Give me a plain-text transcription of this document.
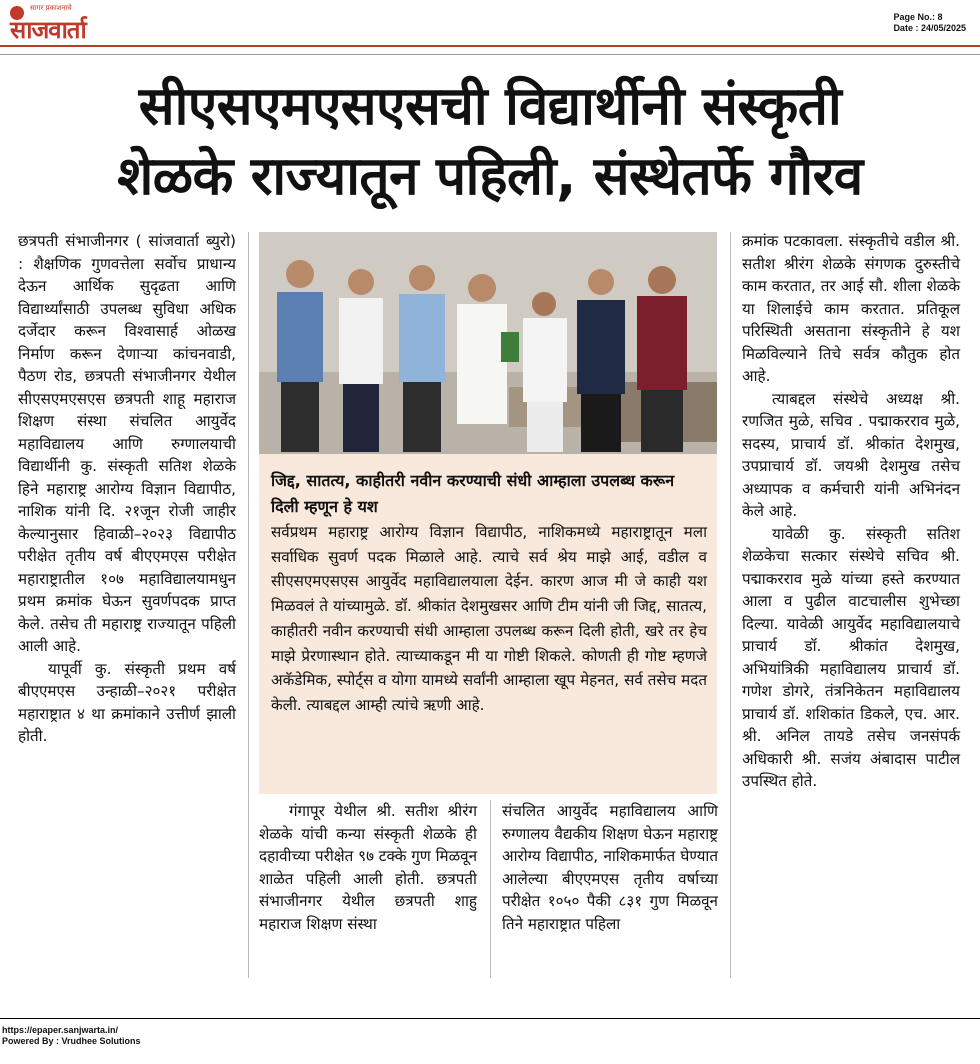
सागर प्रकाशनाचे
साजवार्ता	Page No.: 8
Date : 24/05/2025
सीएसएमएसएसची विद्यार्थीनी संस्कृती
शेळके राज्यातून पहिली, संस्थेतर्फे गौरव

छत्रपती संभाजीनगर ( सांजवार्ता ब्युरो) : शैक्षणिक गुणवत्तेला सर्वोच प्राधान्य देऊन आर्थिक सुदृढता आणि विद्यार्थ्यांसाठी उपलब्ध सुविधा अधिक दर्जेदार करून विश्वासार्ह ओळख निर्माण करून देणाऱ्या कांचनवाडी, पैठण रोड, छत्रपती संभाजीनगर येथील सीएसएमएसएस छत्रपती शाहू महाराज शिक्षण संस्था संचलित आयुर्वेद महाविद्यालय आणि रुग्णालयाची विद्यार्थीनी कु. संस्कृती सतिश शेळके हिने महाराष्ट्र आरोग्य विज्ञान विद्यापीठ, नाशिक यांनी दि. २१जून रोजी जाहीर केल्यानुसार हिवाळी–२०२३ विद्यापीठ परीक्षेत तृतीय वर्ष बीएएमएस परीक्षेत महाराष्ट्रातील १०७ महाविद्यालयामधुन प्रथम क्रमांक घेऊन सुवर्णपदक प्राप्त केले. तसेच ती महाराष्ट्र राज्यातून पहिली आली आहे.

यापूर्वी कु. संस्कृती प्रथम वर्ष बीएएमएस उन्हाळी–२०२१ परीक्षेत महाराष्ट्रात ४ था क्रमांकाने उत्तीर्ण झाली होती.

जिद्द, सातत्य, काहीतरी नवीन करण्याची संधी आम्हाला उपलब्ध करून दिली म्हणून हे यश
सर्वप्रथम महाराष्ट्र आरोग्य विज्ञान विद्यापीठ, नाशिकमध्ये महाराष्ट्रातून मला सर्वाधिक सुवर्ण पदक मिळाले आहे. त्याचे सर्व श्रेय माझे आई, वडील व सीएसएमएसएस आयुर्वेद महाविद्यालयाला देईन. कारण आज मी जे काही यश मिळवलं ते यांच्यामुळे. डॉ. श्रीकांत देशमुखसर आणि टीम यांनी जी जिद्द, सातत्य, काहीतरी नवीन करण्याची संधी आम्हाला उपलब्ध करून दिली होती, खरे तर हेच माझे प्रेरणास्थान होते. त्याच्याकडून मी या गोष्टी शिकले. कोणती ही गोष्ट म्हणजे अकॅडेमिक, स्पोर्ट्स व योगा यामध्ये सर्वांनी आम्हाला खूप मेहनत, सर्व तसेच मदत केली. त्याबद्दल आम्ही त्यांचे ऋणी आहे.

गंगापूर येथील श्री. सतीश श्रीरंग शेळके यांची कन्या संस्कृती शेळके ही दहावीच्या परीक्षेत ९७ टक्के गुण मिळवून शाळेत पहिली आली होती. छत्रपती संभाजीनगर येथील छत्रपती शाहु महाराज शिक्षण संस्था

संचलित आयुर्वेद महाविद्यालय आणि रुग्णालय वैद्यकीय शिक्षण घेऊन महाराष्ट्र आरोग्य विद्यापीठ, नाशिकमार्फत घेण्यात आलेल्या बीएएमएस तृतीय वर्षाच्या परीक्षेत १०५० पैकी ८३१ गुण मिळवून तिने महाराष्ट्रात पहिला

क्रमांक पटकावला. संस्कृतीचे वडील श्री. सतीश श्रीरंग शेळके संगणक दुरुस्तीचे काम करतात, तर आई सौ. शीला शेळके या शिलाईचे काम करतात. प्रतिकूल परिस्थिती असताना संस्कृतीने हे यश मिळविल्याने तिचे सर्वत्र कौतुक होत आहे.

त्याबद्दल संस्थेचे अध्यक्ष श्री. रणजित मुळे, सचिव . पद्माकरराव मुळे, सदस्य, प्राचार्य डॉ. श्रीकांत देशमुख, उपप्राचार्य डॉ. जयश्री देशमुख तसेच अध्यापक व कर्मचारी यांनी अभिनंदन केले आहे.

यावेळी कु. संस्कृती सतिश शेळकेचा सत्कार संस्थेचे सचिव श्री. पद्माकरराव मुळे यांच्या हस्ते करण्यात आला व पुढील वाटचालीस शुभेच्छा दिल्या. यावेळी आयुर्वेद महाविद्यालयाचे प्राचार्य डॉ. श्रीकांत देशमुख, अभियांत्रिकी महाविद्यालय प्राचार्य डॉ. गणेश डोगरे, तंत्रनिकेतन महाविद्यालय प्राचार्य डॉ. शशिकांत डिकले, एच. आर. श्री. अनिल तायडे तसेच जनसंपर्क अधिकारी श्री. सजंय अंबादास पाटील उपस्थित होते.

https://epaper.sanjwarta.in/
Powered By : Vrudhee Solutions
